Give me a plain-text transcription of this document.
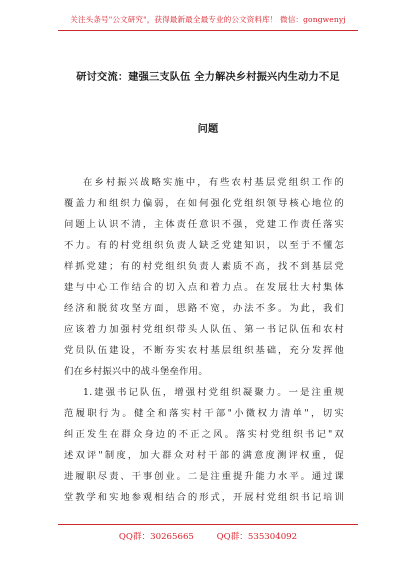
关注头条号"公文研究"，获得最新最全最专业的公文资料库！ 微信：gongwenyj
研讨交流：建强三支队伍 全力解决乡村振兴内生动力不足
问题
在乡村振兴战略实施中，有些农村基层党组织工作的
覆盖力和组织力偏弱，在如何强化党组织领导核心地位的
问题上认识不清，主体责任意识不强，党建工作责任落实
不力。有的村党组织负责人缺乏党建知识，以至于不懂怎
样抓党建；有的村党组织负责人素质不高，找不到基层党
建与中心工作结合的切入点和着力点。在发展壮大村集体
经济和脱贫攻坚方面，思路不宽，办法不多。为此，我们
应该着力加强村党组织带头人队伍、第一书记队伍和农村
党员队伍建设，不断夯实农村基层组织基础，充分发挥他
们在乡村振兴中的战斗堡垒作用。
1.建强书记队伍，增强村党组织凝聚力。一是注重规
范履职行为。健全和落实村干部"小微权力清单"，切实
纠正发生在群众身边的不正之风。落实村党组织书记"双
述双评"制度，加大群众对村干部的满意度测评权重，促
进履职尽责、干事创业。二是注重提升能力水平。通过课
堂教学和实地参观相结合的形式，开展村党组织书记培训
QQ群：30265665	QQ群：535304092
